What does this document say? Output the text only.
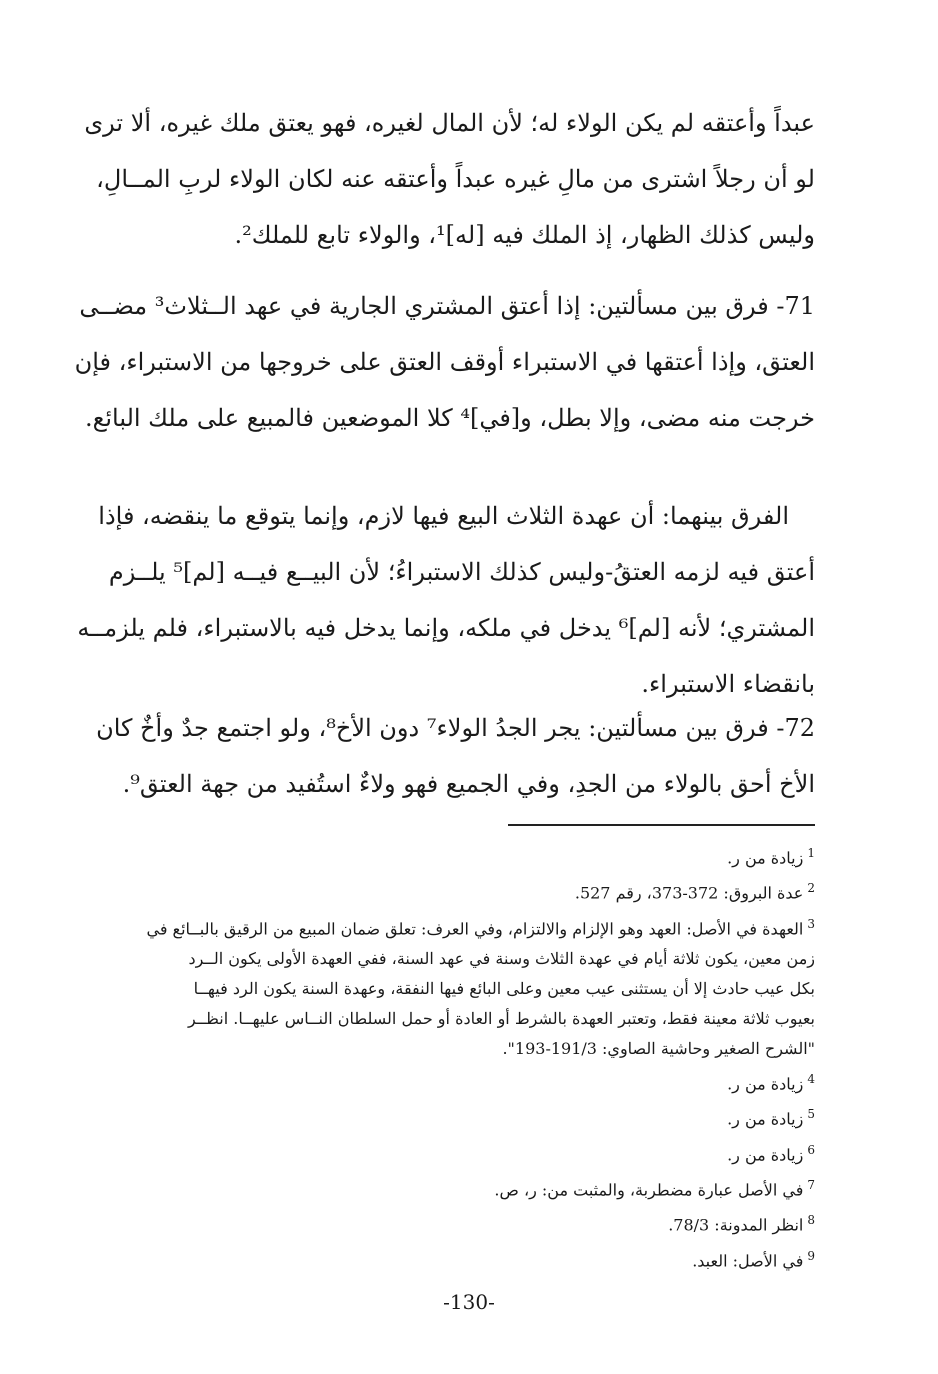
عبداً وأعتقه لم يكن الولاء له؛ لأن المال لغيره، فهو يعتق ملك غيره، ألا ترى
لو أن رجلاً اشترى من مالِ غيره عبداً وأعتقه عنه لكان الولاء لربِ المــالِ،
وليس كذلك الظهار، إذ الملك فيه [له]¹، والولاء تابع للملك².
71- فرق بين مسألتين: إذا أعتق المشتري الجارية في عهد الــثلاث³ مضــى
العتق، وإذا أعتقها في الاستبراء أوقف العتق على خروجها من الاستبراء، فإن
خرجت منه مضى، وإلا بطل، و[في]⁴ كلا الموضعين فالمبيع على ملك البائع.
الفرق بينهما: أن عهدة الثلاث البيع فيها لازم، وإنما يتوقع ما ينقضه، فإذا
أعتق فيه لزمه العتقُ-وليس كذلك الاستبراءُ؛ لأن البيــع فيــه [لم]⁵ يلــزم
المشتري؛ لأنه [لم]⁶ يدخل في ملكه، وإنما يدخل فيه بالاستبراء، فلم يلزمــه
بانقضاء الاستبراء.
72- فرق بين مسألتين: يجر الجدُ الولاء⁷ دون الأخ⁸، ولو اجتمع جدٌ وأخٌ كان
الأخ أحق بالولاء من الجدِ، وفي الجميع فهو ولاءٌ استُفيد من جهة العتق⁹.
$^1$زيادة من ر.
$^2$عدة البروق: 372-373، رقم 527.
$^3$العهدة في الأصل: العهد وهو الإلزام والالتزام، وفي العرف: تعلق ضمان المبيع من الرقيق بالبــائع في
زمن معين، يكون ثلاثة أيام في عهدة الثلاث وسنة في عهد السنة، ففي العهدة الأولى يكون الــرد
بكل عيب حادث إلا أن يستثنى عيب معين وعلى البائع فيها النفقة، وعهدة السنة يكون الرد فيهــا
بعيوب ثلاثة معينة فقط، وتعتبر العهدة بالشرط أو العادة أو حمل السلطان النــاس عليهــا. انظــر
"الشرح الصغير وحاشية الصاوي: 191/3-193".
$^4$زيادة من ر.
$^5$زيادة من ر.
$^6$زيادة من ر.
$^7$في الأصل عبارة مضطربة، والمثبت من: ر، ص.
$^8$انظر المدونة: 78/3.
$^9$في الأصل: العبد.
-130-
